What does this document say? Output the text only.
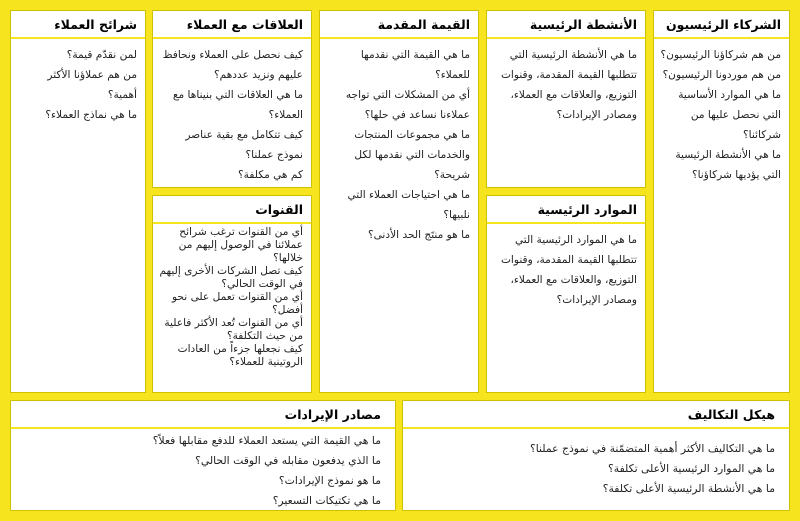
الشركاء الرئيسيون

من هم شركاؤنا الرئيسيون؟

من هم موردونا الرئيسيون؟

ما هي الموارد الأساسية التي نحصل عليها من شركائنا؟

ما هي الأنشطة الرئيسية التي يؤديها شركاؤنا؟

الأنشطة الرئيسية

ما هي الأنشطة الرئيسية التي تتطلبها القيمة المقدمة، وقنوات التوزيع، والعلاقات مع العملاء، ومصادر الإيرادات؟

الموارد الرئيسية

ما هي الموارد الرئيسية التي تتطلبها القيمة المقدمة، وقنوات التوزيع، والعلاقات مع العملاء، ومصادر الإيرادات؟

القيمة المقدمة

ما هي القيمة التي نقدمها للعملاء؟

أي من المشكلات التي تواجه عملاءنا نساعد في حلها؟

ما هي مجموعات المنتجات والخدمات التي نقدمها لكل شريحة؟

ما هي احتياجات العملاء التي نلبيها؟

ما هو منتَج الحد الأدنى؟

العلاقات مع العملاء

كيف نحصل على العملاء ونحافظ عليهم ونزيد عددهم؟

ما هي العلاقات التي بنيناها مع العملاء؟

كيف تتكامل مع بقية عناصر نموذج عملنا؟

كم هي مكلفة؟

القنوات

أي من القنوات ترغب شرائح عملائنا في الوصول إليهم من خلالها؟

كيف تصل الشركات الأخرى إليهم في الوقت الحالي؟

أي من القنوات تعمل على نحو أفضل؟

أي من القنوات تُعد الأكثر فاعلية من حيث التكلفة؟

كيف نجعلها جزءاً من العادات الروتينية للعملاء؟

شرائح العملاء

لمن نقدّم قيمة؟

من هم عملاؤنا الأكثر أهمية؟

ما هي نماذج العملاء؟

هيكل التكاليف

ما هي التكاليف الأكثر أهمية المتضمّنة في نموذج عملنا؟

ما هي الموارد الرئيسية الأعلى تكلفة؟

ما هي الأنشطة الرئيسية الأعلى تكلفة؟

مصادر الإيرادات

ما هي القيمة التي يستعد العملاء للدفع مقابلها فعلاً؟

ما الذي يدفعون مقابله في الوقت الحالي؟

ما هو نموذج الإيرادات؟

ما هي تكتيكات التسعير؟
